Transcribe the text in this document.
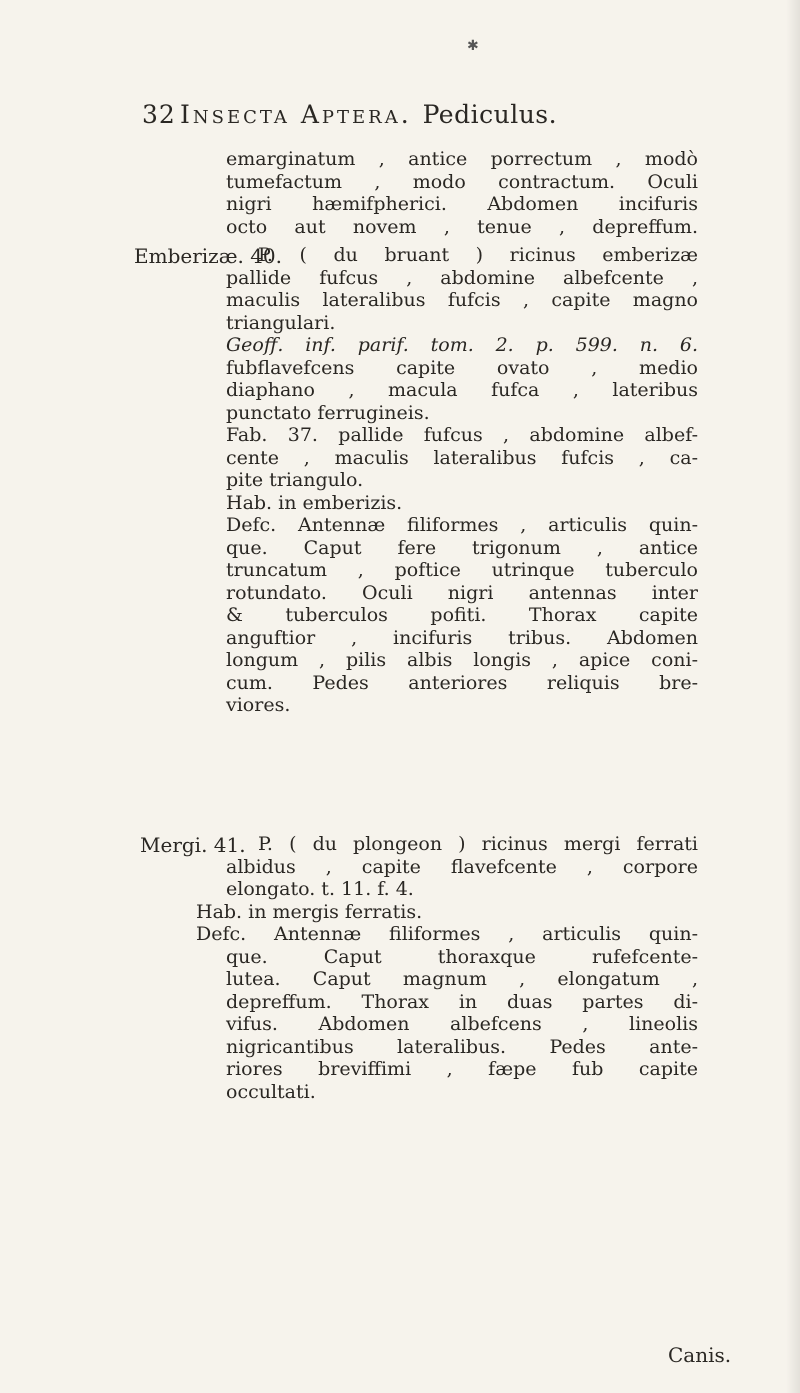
✱
32 Insecta Aptera. Pediculus.

emarginatum , antice porrectum , modò

tumefactum , modo contractum. Oculi

nigri hæmifpherici. Abdomen incifuris

octo aut novem , tenue , depreffum.

Emberizæ. 40.

P. ( du bruant ) ricinus emberizæ

pallide fufcus , abdomine albefcente ,

maculis lateralibus fufcis , capite magno

triangulari.

Geoff. inf. parif. tom. 2. p. 599. n. 6.

fubflavefcens capite ovato , medio

diaphano , macula fufca , lateribus

punctato ferrugineis.

Fab. 37. pallide fufcus , abdomine albef-

cente , maculis lateralibus fufcis , ca-

pite triangulo.

Hab. in emberizis.

Defc. Antennæ filiformes , articulis quin-

que. Caput fere trigonum , antice

truncatum , poftice utrinque tuberculo

rotundato. Oculi nigri antennas inter

& tuberculos pofiti. Thorax capite

anguftior , incifuris tribus. Abdomen

longum , pilis albis longis , apice coni-

cum. Pedes anteriores reliquis bre-

viores.

Mergi. 41. P. ( du plongeon ) ricinus mergi ferrati

albidus , capite flavefcente , corpore

elongato. t. 11. f. 4.

Hab. in mergis ferratis.

Defc. Antennæ filiformes , articulis quin-

que. Caput thoraxque rufefcente-

lutea. Caput magnum , elongatum ,

depreffum. Thorax in duas partes di-

vifus. Abdomen albefcens , lineolis

nigricantibus lateralibus. Pedes ante-

riores breviffimi , fæpe fub capite

occultati.

Canis.
